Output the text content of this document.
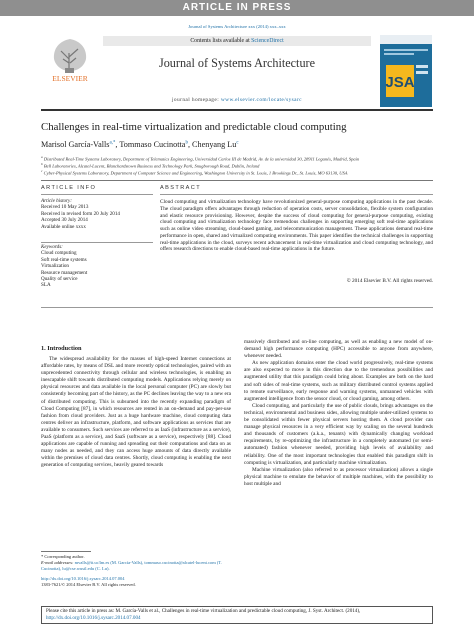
ARTICLE IN PRESS
Journal of Systems Architecture xxx (2014) xxx–xxx
ELSEVIER
Contents lists available at ScienceDirect
Journal of Systems Architecture
journal homepage: www.elsevier.com/locate/sysarc
JSA
Challenges in real-time virtualization and predictable cloud computing
Marisol García-Valls$^{a,*}$, Tommaso Cucinotta$^b$, Chenyang Lu$^c$
$^a$ Distributed Real-Time Systems Laboratory, Department of Telematics Engineering, Universidad Carlos III de Madrid, Av. de la universidad 30, 28911 Leganés, Madrid, Spain
$^b$ Bell Laboratories, Alcatel-Lucent, Blanchardstown Business and Technology Park, Snugborough Road, Dublin, Ireland
$^c$ Cyber-Physical Systems Laboratory, Department of Computer Science and Engineering, Washington University in St. Louis, 1 Brookings Dr., St. Louis, MO 63130, USA
ARTICLE INFO	ABSTRACT
Article history:
Received 10 May 2013
Received in revised form 20 July 2014
Accepted 30 July 2014
Available online xxxx
Keywords:
Cloud computing
Soft real-time systems
Virtualization
Resource management
Quality of service
SLA
Cloud computing and virtualization technology have revolutionized general-purpose computing applications in the past decade. The cloud paradigm offers advantages through reduction of operation costs, server consolidation, flexible system configuration and elastic resource provisioning. However, despite the success of cloud computing for general-purpose computing, existing cloud computing and virtualization technology face tremendous challenges in supporting emerging soft real-time applications such as online video streaming, cloud-based gaming, and telecommunication management. These applications demand real-time performance in open, shared and virtualized computing environments. This paper identifies the technical challenges in supporting real-time applications in the cloud, surveys recent advancement in real-time virtualization and cloud computing technology, and offers research directions to enable cloud-based real-time applications in the future.
© 2014 Elsevier B.V. All rights reserved.
1. Introduction
The widespread availability for the masses of high-speed Internet connections at affordable rates, by means of DSL and more recently optical technologies, paired with an unprecedented connectivity through cellular and wireless technologies, is enabling an inescapable shift towards distributed computing models. Applications relying merely on physical resources and data available in the local personal computer (PC) are slowly but consistently becoming part of the history, as the PC declines leaving the way to a new era of distributed computing. This is subsumed into the recently expanding paradigm of Cloud Computing [87], in which resources are rented in an on-demand and pay-per-use fashion from cloud providers. Just as a huge hardware machine, cloud computing data centres deliver an infrastructure, platform, and software applications as services that are available to consumers. Such services are referred to as IaaS (infrastructure as a service), PaaS (platform as a service), and SaaS (software as a service), respectively [88]. Cloud applications are capable of running and spreading out their computations and data on as many nodes as needed, and they can access huge amounts of data directly available within the premises of cloud data centres. Shortly, cloud computing is enabling the next generation of computing services, heavily geared towards

massively distributed and on-line computing, as well as enabling a new model of on-demand high performance computing (HPC) accessible to anyone from anywhere, whenever needed.

As new application domains enter the cloud world progressively, real-time systems are also expected to move in this direction due to the tremendous possibilities and augmented utility that this paradigm could bring about. Examples are both on the hard and soft sides of real-time systems, such as military distributed control systems applied to remote surveillance, early response and warning systems, unmanned vehicles with augmented intelligence from the sensor cloud, or cloud gaming, among others.

Cloud computing, and particularly the use of public clouds, brings advantages on the technical, environmental and business sides, allowing multiple under-utilized systems to be consolidated within fewer physical servers hosting them. A cloud provider can manage physical resources in a very efficient way by scaling on the several hundreds and thousands of customers (a.k.a., tenants) with dynamically changing workload requirements, by re-optimizing the infrastructure in a completely automated (or semi-automated) fashion whenever needed, providing high levels of availability and reliability. One of the most important technologies that enabled this paradigm shift in computing is virtualization, and particularly machine virtualization.

Machine virtualization (also referred to as processor virtualization) allows a single physical machine to emulate the behavior of multiple machines, with the possibility to host multiple and

* Corresponding author.
E-mail addresses: mvalls@it.uc3m.es (M. García-Valls), tommaso.cucinotta@alcatel-lucent.com (T. Cucinotta), lu@cse.wustl.edu (C. Lu).
http://dx.doi.org/10.1016/j.sysarc.2014.07.004
1383-7621/© 2014 Elsevier B.V. All rights reserved.
Please cite this article in press as: M. García-Valls et al., Challenges in real-time virtualization and predictable cloud computing, J. Syst. Architect. (2014),
http://dx.doi.org/10.1016/j.sysarc.2014.07.004
